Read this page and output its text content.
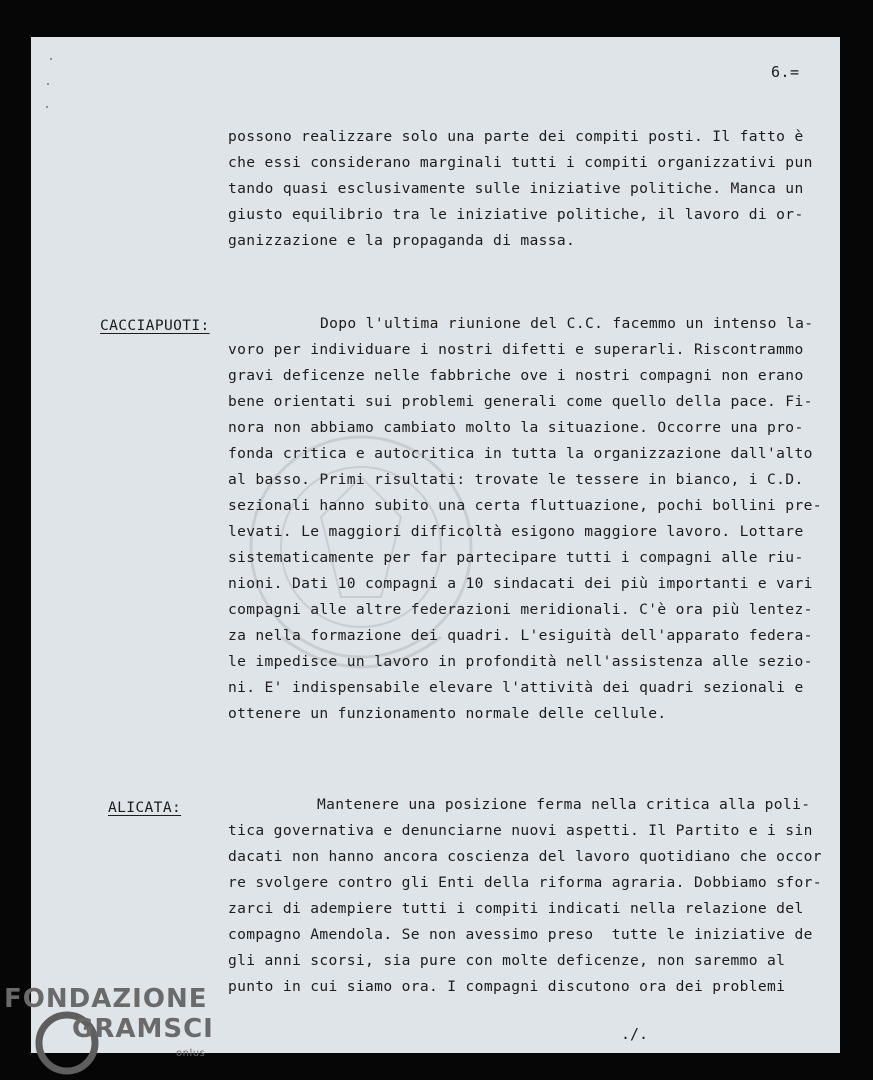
6.=
possono realizzare solo una parte dei compiti posti. Il fatto è
che essi considerano marginali tutti i compiti organizzativi pun
tando quasi esclusivamente sulle iniziative politiche. Manca un
giusto equilibrio tra le iniziative politiche, il lavoro di or-
ganizzazione e la propaganda di massa.
CACCIAPUOTI:	Dopo l'ultima riunione del C.C. facemmo un intenso la-
voro per individuare i nostri difetti e superarli. Riscontrammo
gravi deficenze nelle fabbriche ove i nostri compagni non erano
bene orientati sui problemi generali come quello della pace. Fi-
nora non abbiamo cambiato molto la situazione. Occorre una pro-
fonda critica e autocritica in tutta la organizzazione dall'alto
al basso. Primi risultati: trovate le tessere in bianco, i C.D.
sezionali hanno subito una certa fluttuazione, pochi bollini pre-
levati. Le maggiori difficoltà esigono maggiore lavoro. Lottare
sistematicamente per far partecipare tutti i compagni alle riu-
nioni. Dati 10 compagni a 10 sindacati dei più importanti e vari
compagni alle altre federazioni meridionali. C'è ora più lentez-
za nella formazione dei quadri. L'esiguità dell'apparato federa-
le impedisce un lavoro in profondità nell'assistenza alle sezio-
ni. E' indispensabile elevare l'attività dei quadri sezionali e
ottenere un funzionamento normale delle cellule.
ALICATA:	Mantenere una posizione ferma nella critica alla poli-
tica governativa e denunciarne nuovi aspetti. Il Partito e i sin
dacati non hanno ancora coscienza del lavoro quotidiano che occor
re svolgere contro gli Enti della riforma agraria. Dobbiamo sfor-
zarci di adempiere tutti i compiti indicati nella relazione del
compagno Amendola. Se non avessimo preso  tutte le iniziative de
gli anni scorsi, sia pure con molte deficenze, non saremmo al
punto in cui siamo ora. I compagni discutono ora dei problemi
./.
FONDAZIONE
GRAMSCI
onlus
